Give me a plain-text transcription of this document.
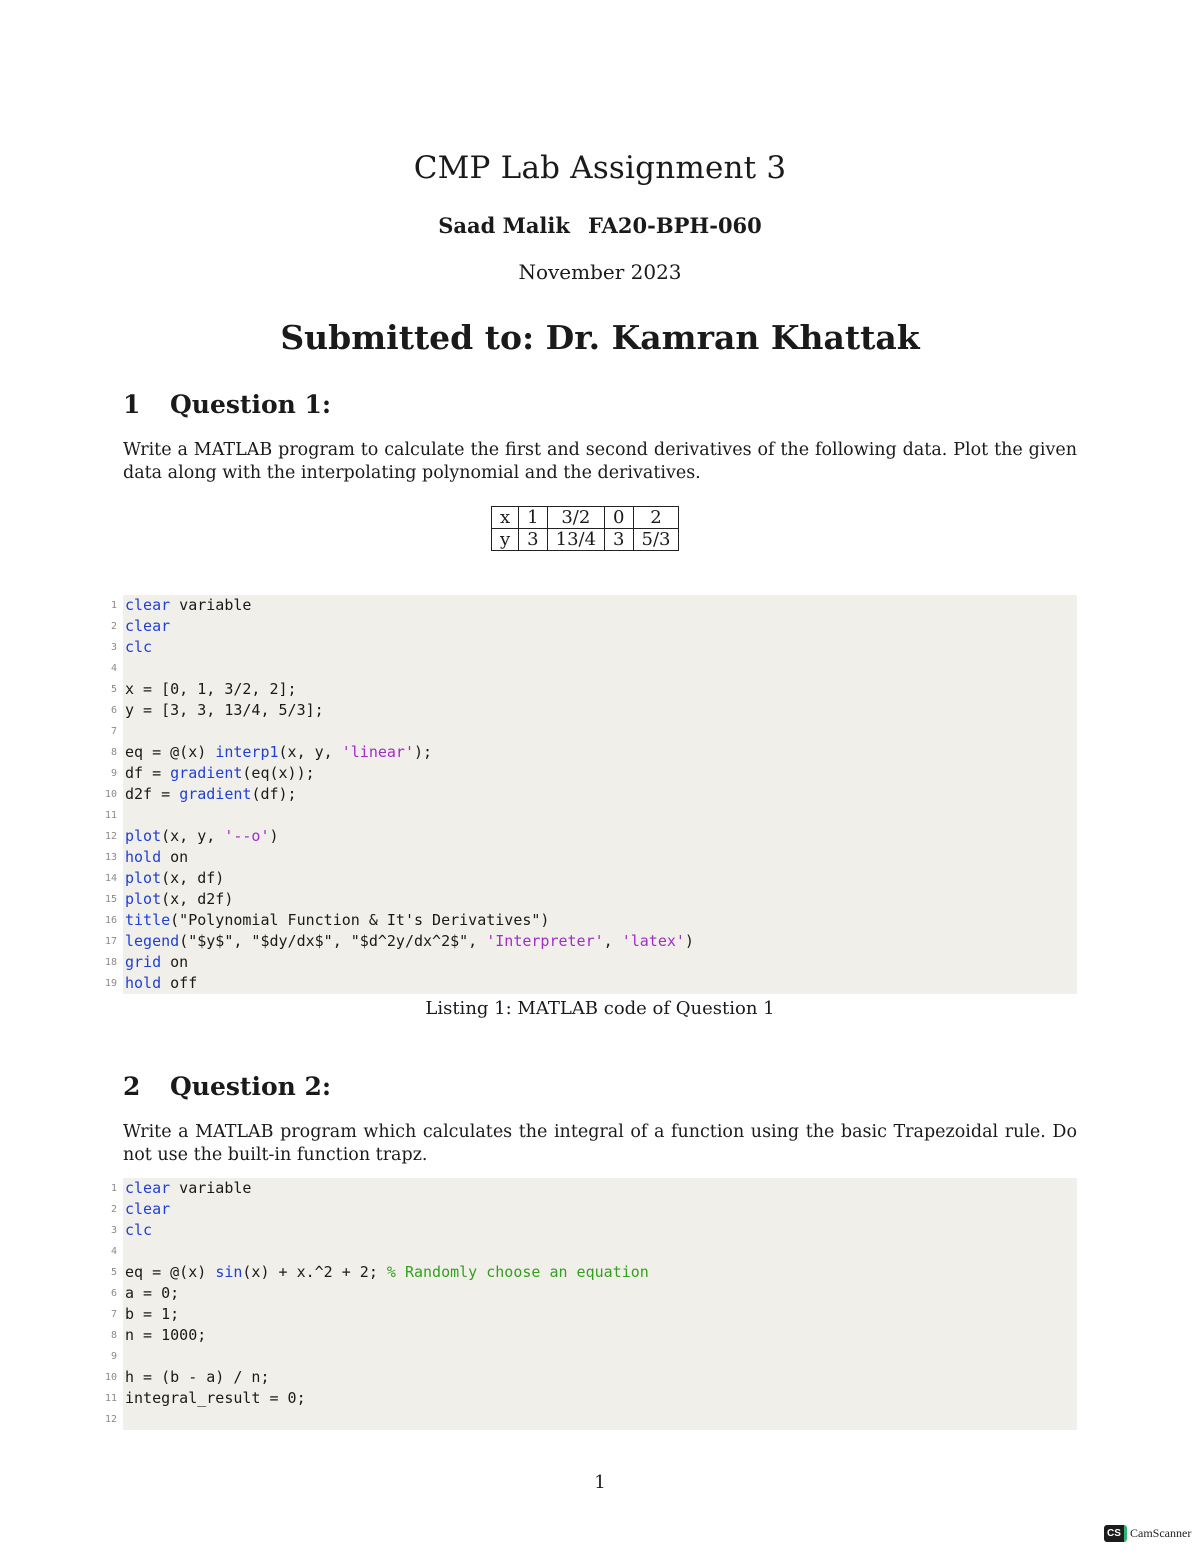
CMP Lab Assignment 3
Saad Malik FA20-BPH-060
November 2023
Submitted to: Dr. Kamran Khattak
1 Question 1:
Write a MATLAB program to calculate the first and second derivatives of the following data. Plot the given data along with the interpolating polynomial and the derivatives.
x	1	3/2	0	2
y	3	13/4	3	5/3
1 clear variable
2 clear
3 clc
4
5 x = [0, 1, 3/2, 2];
6 y = [3, 3, 13/4, 5/3];
7
8 eq = @(x) interp1(x, y, 'linear');
9 df = gradient(eq(x));
10 d2f = gradient(df);
11
12 plot(x, y, '--o')
13 hold on
14 plot(x, df)
15 plot(x, d2f)
16 title("Polynomial Function & It's Derivatives")
17 legend("$y$", "$dy/dx$", "$d^2y/dx^2$", 'Interpreter', 'latex')
18 grid on
19 hold off
Listing 1: MATLAB code of Question 1
2 Question 2:
Write a MATLAB program which calculates the integral of a function using the basic Trapezoidal rule. Do not use the built-in function trapz.
1 clear variable
2 clear
3 clc
4
5 eq = @(x) sin(x) + x.^2 + 2; % Randomly choose an equation
6 a = 0;
7 b = 1;
8 n = 1000;
9
10 h = (b - a) / n;
11 integral_result = 0;
12
1
CS CamScanner
